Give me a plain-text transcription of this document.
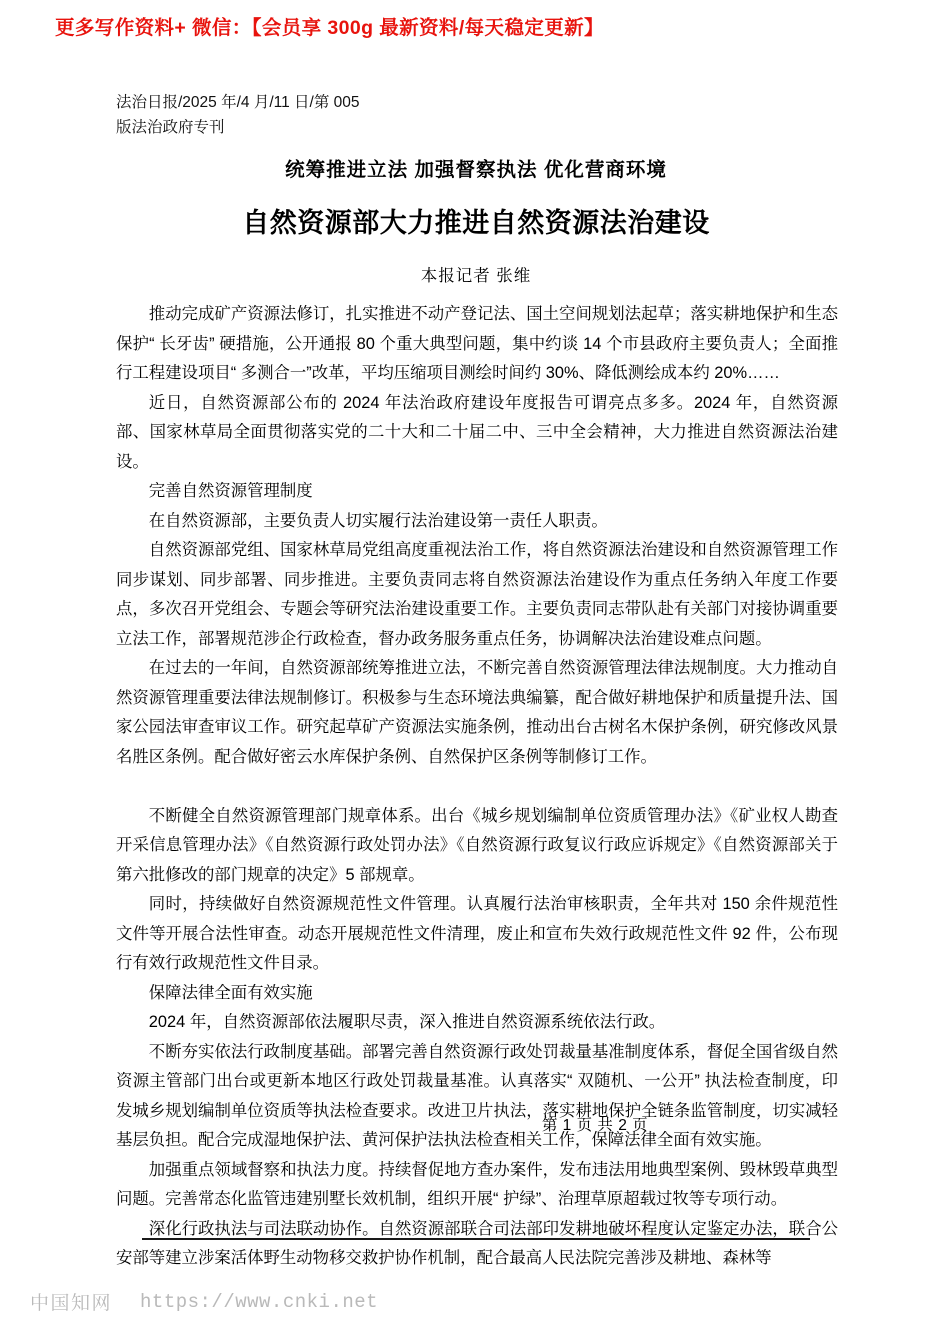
更多写作资料+ 微信：【会员享 300g 最新资料/每天稳定更新】
法治日报/2025 年/4 月/11 日/第 005
版法治政府专刊
统筹推进立法 加强督察执法 优化营商环境
自然资源部大力推进自然资源法治建设
本报记者 张维

推动完成矿产资源法修订，扎实推进不动产登记法、国土空间规划法起草；落实耕地保护和生态保护“ 长牙齿” 硬措施，公开通报 80 个重大典型问题，集中约谈 14 个市县政府主要负责人；全面推行工程建设项目“ 多测合一”改革，平均压缩项目测绘时间约 30%、降低测绘成本约 20%……

近日，自然资源部公布的 2024 年法治政府建设年度报告可谓亮点多多。2024 年，自然资源部、国家林草局全面贯彻落实党的二十大和二十届二中、三中全会精神，大力推进自然资源法治建设。

完善自然资源管理制度

在自然资源部，主要负责人切实履行法治建设第一责任人职责。

自然资源部党组、国家林草局党组高度重视法治工作，将自然资源法治建设和自然资源管理工作同步谋划、同步部署、同步推进。主要负责同志将自然资源法治建设作为重点任务纳入年度工作要点，多次召开党组会、专题会等研究法治建设重要工作。主要负责同志带队赴有关部门对接协调重要立法工作，部署规范涉企行政检查，督办政务服务重点任务，协调解决法治建设难点问题。

在过去的一年间，自然资源部统筹推进立法，不断完善自然资源管理法律法规制度。大力推动自然资源管理重要法律法规制修订。积极参与生态环境法典编纂，配合做好耕地保护和质量提升法、国家公园法审查审议工作。研究起草矿产资源法实施条例，推动出台古树名木保护条例，研究修改风景名胜区条例。配合做好密云水库保护条例、自然保护区条例等制修订工作。

不断健全自然资源管理部门规章体系。出台《城乡规划编制单位资质管理办法》《矿业权人勘查开采信息管理办法》《自然资源行政处罚办法》《自然资源行政复议行政应诉规定》《自然资源部关于第六批修改的部门规章的决定》5 部规章。

同时，持续做好自然资源规范性文件管理。认真履行法治审核职责，全年共对 150 余件规范性文件等开展合法性审查。动态开展规范性文件清理，废止和宣布失效行政规范性文件 92 件，公布现行有效行政规范性文件目录。

保障法律全面有效实施

2024 年，自然资源部依法履职尽责，深入推进自然资源系统依法行政。

不断夯实依法行政制度基础。部署完善自然资源行政处罚裁量基准制度体系，督促全国省级自然资源主管部门出台或更新本地区行政处罚裁量基准。认真落实“ 双随机、一公开” 执法检查制度，印发城乡规划编制单位资质等执法检查要求。改进卫片执法，落实耕地保护全链条监管制度，切实减轻基层负担。配合完成湿地保护法、黄河保护法执法检查相关工作，保障法律全面有效实施。

加强重点领域督察和执法力度。持续督促地方查办案件，发布违法用地典型案例、毁林毁草典型问题。完善常态化监管违建别墅长效机制，组织开展“ 护绿”、治理草原超载过牧等专项行动。

深化行政执法与司法联动协作。自然资源部联合司法部印发耕地破坏程度认定鉴定办法，联合公安部等建立涉案活体野生动物移交救护协作机制，配合最高人民法院完善涉及耕地、森林等

第 1 页 共 2 页
中国知网 https://www.cnki.net
